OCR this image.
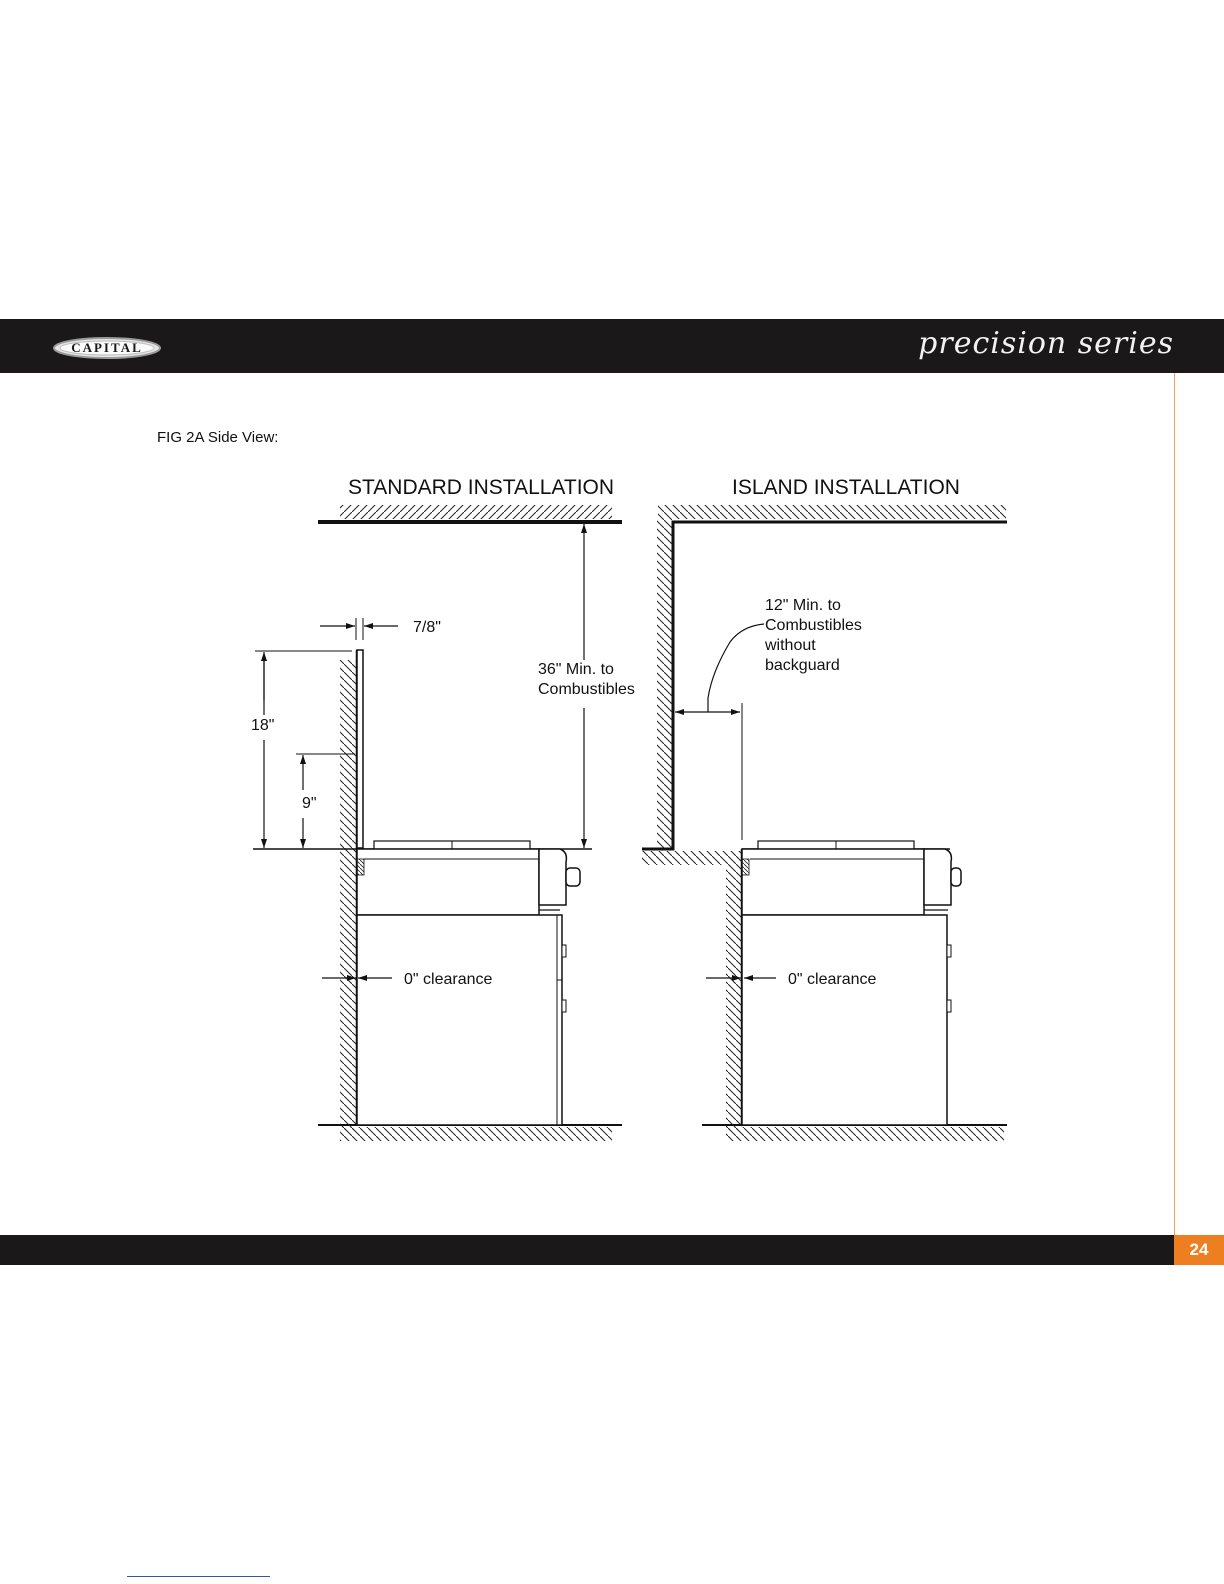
CAPITAL	precision series
FIG 2A Side View:
STANDARD INSTALLATION
7/8"
18"
9"
36" Min. to
Combustibles
0" clearance
ISLAND INSTALLATION
12" Min. to
Combustibles
without
backguard
0" clearance
24
